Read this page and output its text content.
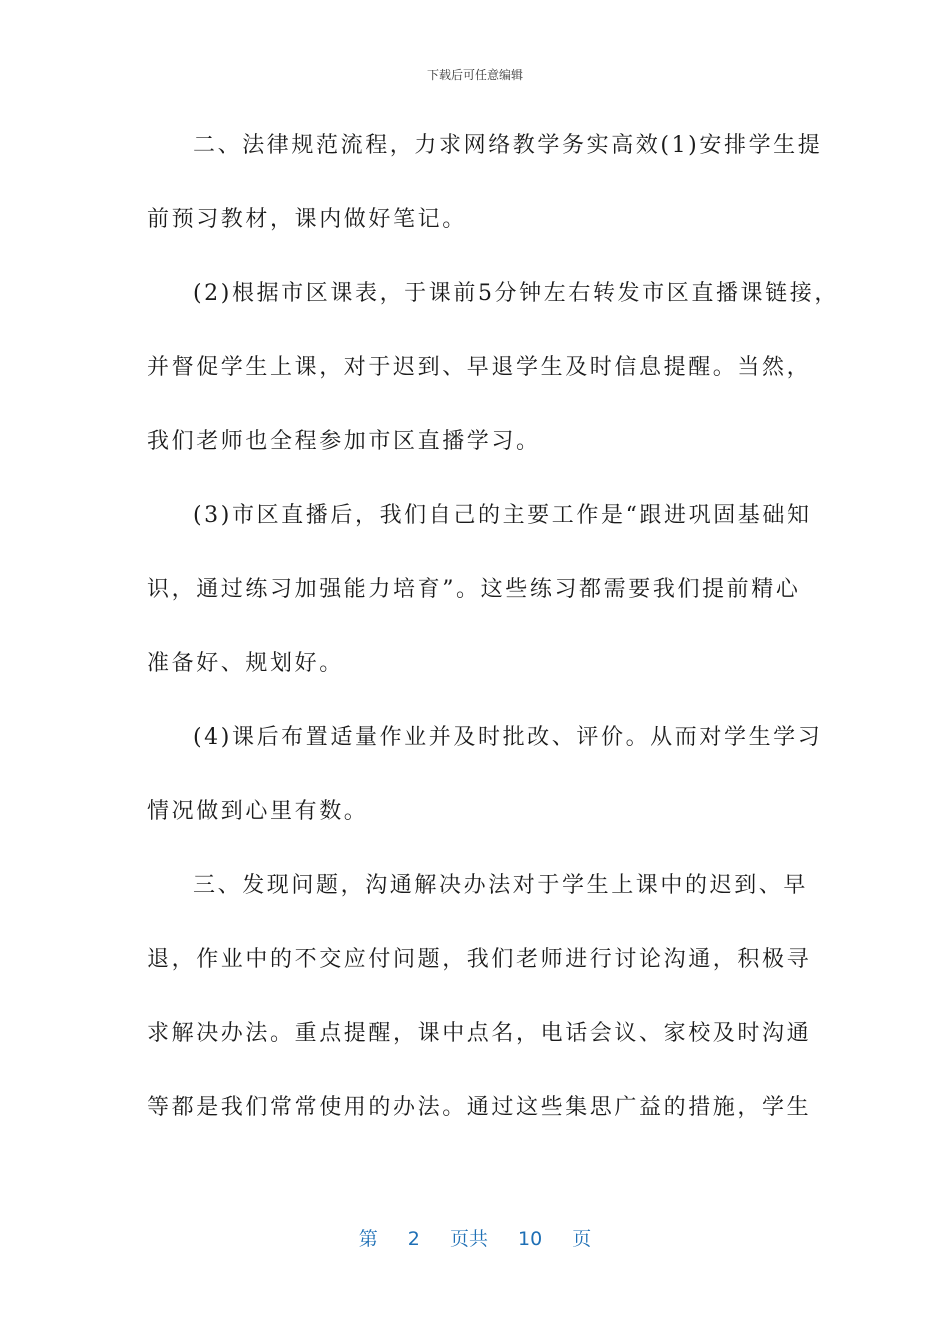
下载后可任意编辑
二、法律规范流程，力求网络教学务实高效(1)安排学生提
前预习教材，课内做好笔记。
(2)根据市区课表，于课前5分钟左右转发市区直播课链接，
并督促学生上课，对于迟到、早退学生及时信息提醒。当然，
我们老师也全程参加市区直播学习。
(3)市区直播后，我们自己的主要工作是“跟进巩固基础知
识，通过练习加强能力培育”。这些练习都需要我们提前精心
准备好、规划好。
(4)课后布置适量作业并及时批改、评价。从而对学生学习
情况做到心里有数。
三、发现问题，沟通解决办法对于学生上课中的迟到、早
退，作业中的不交应付问题，我们老师进行讨论沟通，积极寻
求解决办法。重点提醒，课中点名，电话会议、家校及时沟通
等都是我们常常使用的办法。通过这些集思广益的措施，学生
第 2 页共 10 页
